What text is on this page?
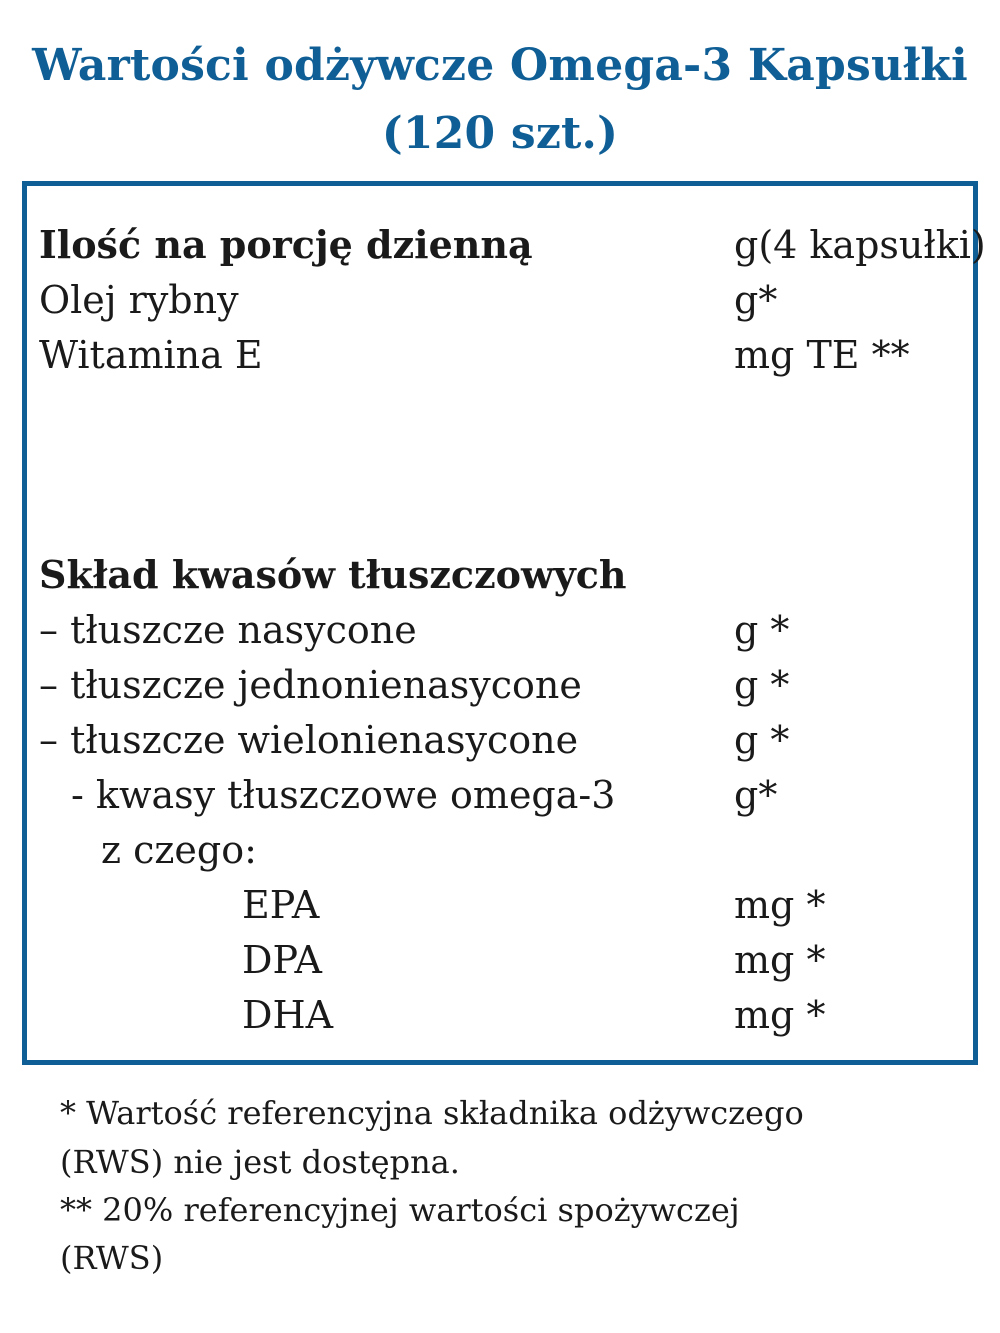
Wartości odżywcze Omega-3 Kapsułki
(120 szt.)
Ilość na porcję dzienną	g(4 kapsułki)
Olej rybny	g*
Witamina E	mg TE **
Skład kwasów tłuszczowych
– tłuszcze nasycone	g *
– tłuszcze jednonienasycone	g *
– tłuszcze wielonienasycone	g *
- kwasy tłuszczowe omega-3	g*
z czego:
EPA	mg *
DPA	mg *
DHA	mg *
* Wartość referencyjna składnika odżywczego
(RWS) nie jest dostępna.
** 20% referencyjnej wartości spożywczej
(RWS)
